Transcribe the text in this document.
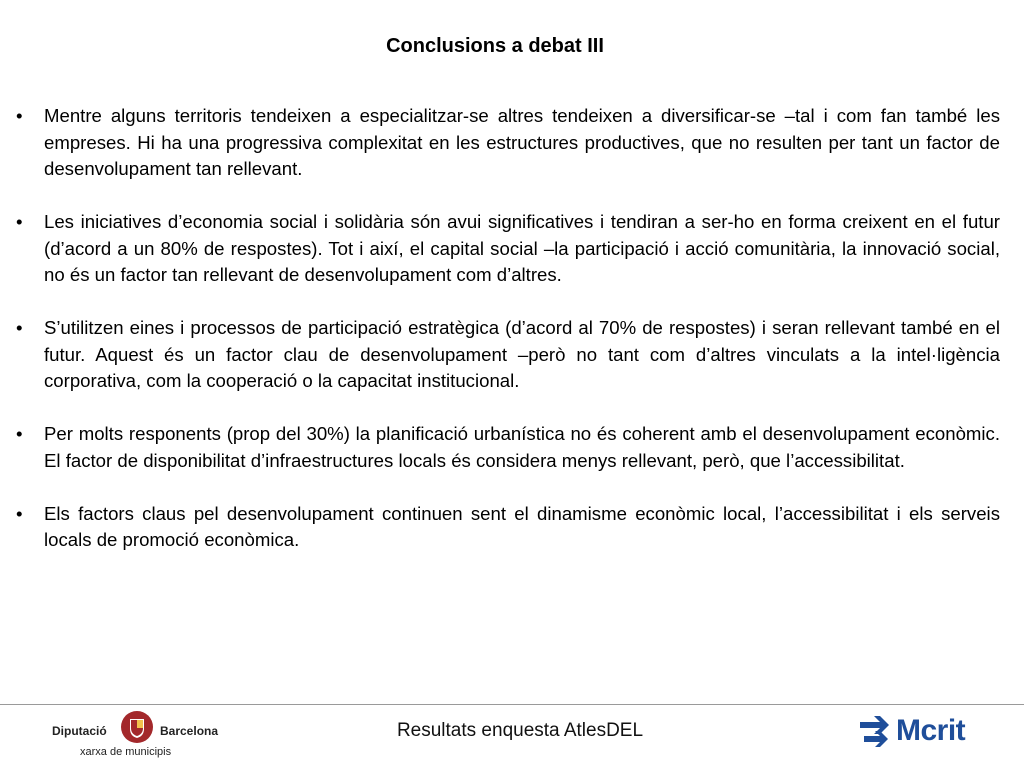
Conclusions a debat III
•	Mentre alguns territoris tendeixen a especialitzar-se altres tendeixen a diversificar-se –tal i com fan també les empreses. Hi ha una progressiva complexitat en les estructures productives, que no resulten per tant un factor de desenvolupament tan rellevant.
•	Les iniciatives d’economia social i solidària són avui significatives i tendiran a ser-ho en forma creixent en el futur (d’acord a un 80% de respostes). Tot i així, el capital social –la participació i acció comunitària, la innovació social, no és un factor tan rellevant de desenvolupament com d’altres.
•	S’utilitzen eines i processos de participació estratègica (d’acord al 70% de respostes) i seran rellevant també en el futur. Aquest és un factor clau de desenvolupament –però no tant com d’altres vinculats a la intel·ligència corporativa, com la cooperació o la capacitat institucional.
•	Per molts responents (prop del 30%) la planificació urbanística no és coherent amb el desenvolupament econòmic. El factor de disponibilitat d’infraestructures locals és considera menys rellevant, però, que l’accessibilitat.
•	Els factors claus pel desenvolupament continuen sent el dinamisme econòmic local, l’accessibilitat i els serveis locals de promoció econòmica.
Diputació	Barcelona
xarxa de municipis
Resultats enquesta AtlesDEL	Mcrit
